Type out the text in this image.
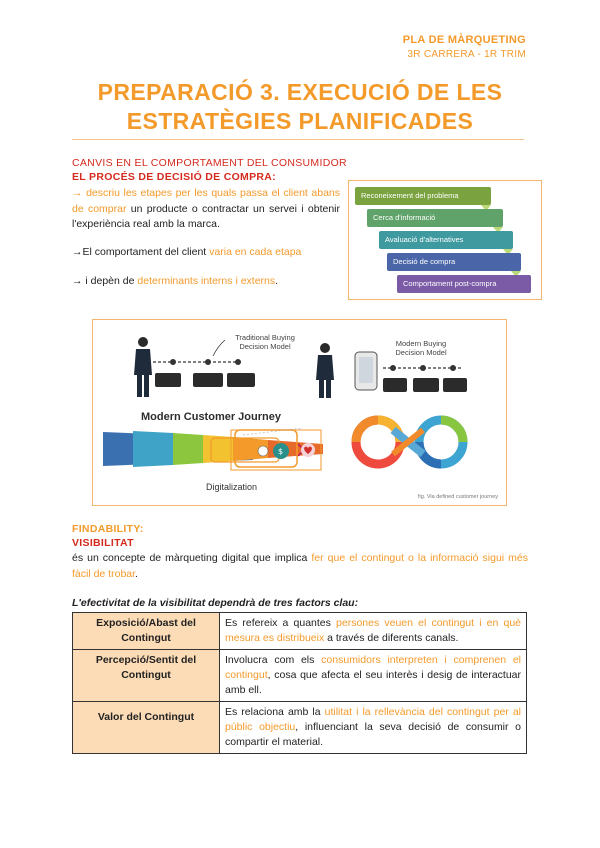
PLA DE MÀRQUETING
3R CARRERA - 1R TRIM
PREPARACIÓ 3. EXECUCIÓ DE LES
ESTRATÈGIES PLANIFICADES
CANVIS EN EL COMPORTAMENT DEL CONSUMIDOR
EL PROCÉS DE DECISIÓ DE COMPRA:
→ descriu les etapes per les quals passa el client abans de comprar un producte o contractar un servei i obtenir l'experiència real amb la marca.
→El comportament del client varia en cada etapa
→ i depèn de determinants interns i externs.
Reconeixement del problema
Cerca d'informació
Avaluació d'alternatives
Decisió de compra
Comportament post-compra
$
Traditional Buying
Decision Model	Modern Buying
Decision Model
Modern Customer Journey
Digitalization
fig. Via defined customer journey
FINDABILITY:
VISIBILITAT
és un concepte de màrqueting digital que implica fer que el contingut o la informació sigui més fàcil de trobar.
L'efectivitat de la visibilitat dependrà de tres factors clau:
Exposició/Abast del Contingut	Es refereix a quantes persones veuen el contingut i en què mesura es distribueix a través de diferents canals.
Percepció/Sentit del Contingut	Involucra com els consumidors interpreten i comprenen el contingut, cosa que afecta el seu interès i desig de interactuar amb ell.
Valor del Contingut	Es relaciona amb la utilitat i la rellevància del contingut per al públic objectiu, influenciant la seva decisió de consumir o compartir el material.
